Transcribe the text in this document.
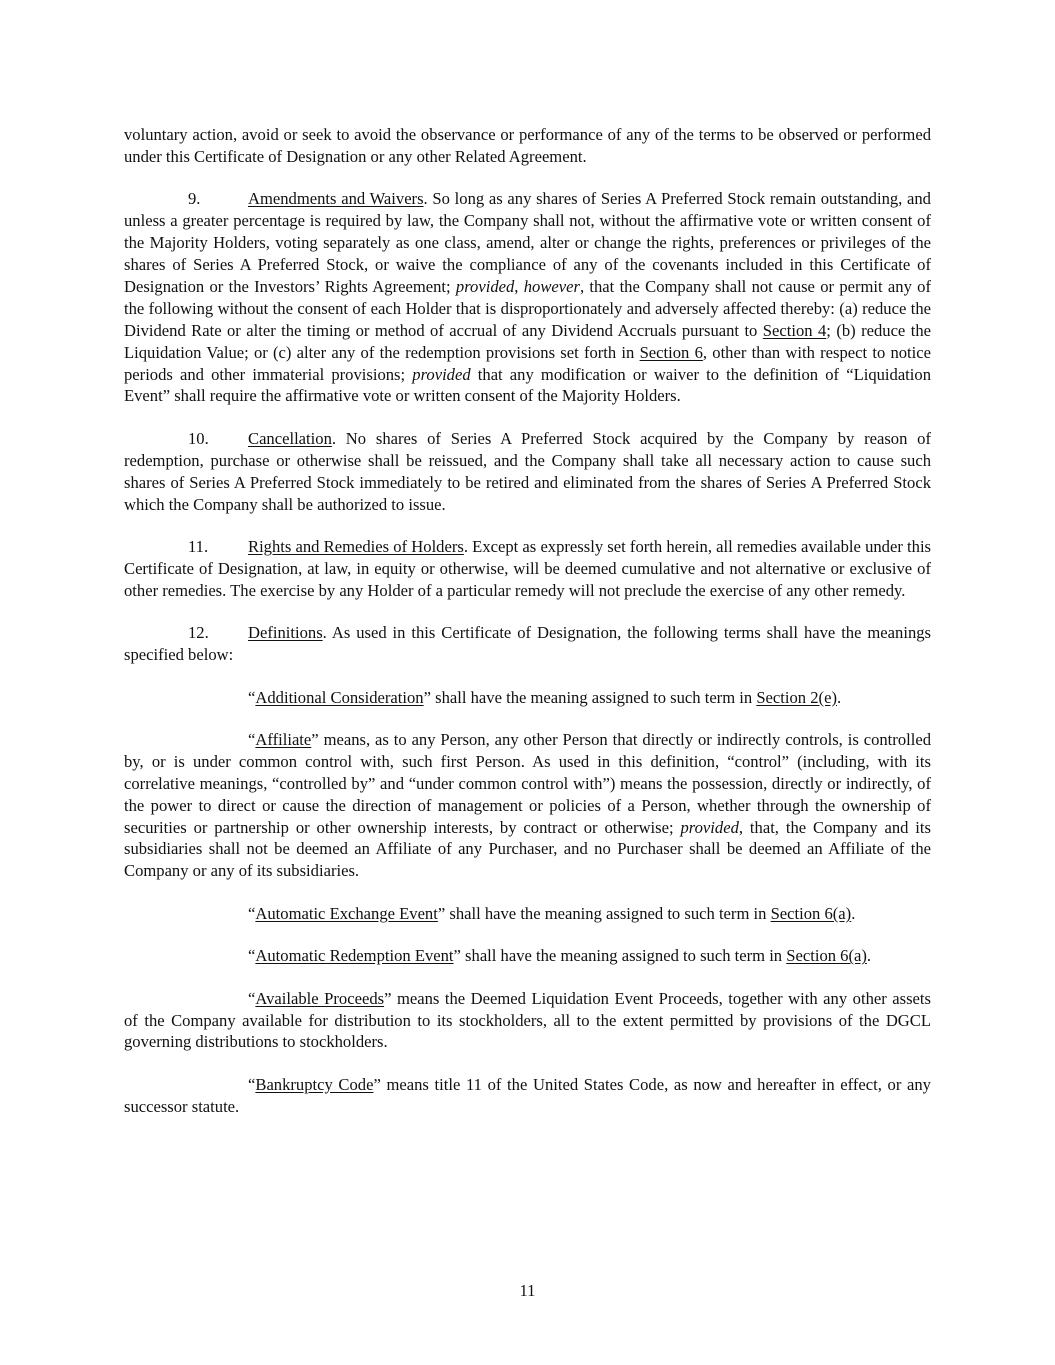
voluntary action, avoid or seek to avoid the observance or performance of any of the terms to be observed or performed under this Certificate of Designation or any other Related Agreement.

9.	Amendments and Waivers. So long as any shares of Series A Preferred Stock remain outstanding, and unless a greater percentage is required by law, the Company shall not, without the affirmative vote or written consent of the Majority Holders, voting separately as one class, amend, alter or change the rights, preferences or privileges of the shares of Series A Preferred Stock, or waive the compliance of any of the covenants included in this Certificate of Designation or the Investors’ Rights Agreement; provided, however, that the Company shall not cause or permit any of the following without the consent of each Holder that is disproportionately and adversely affected thereby: (a) reduce the Dividend Rate or alter the timing or method of accrual of any Dividend Accruals pursuant to Section 4; (b) reduce the Liquidation Value; or (c) alter any of the redemption provisions set forth in Section 6, other than with respect to notice periods and other immaterial provisions; provided that any modification or waiver to the definition of “Liquidation Event” shall require the affirmative vote or written consent of the Majority Holders.

10. Cancellation. No shares of Series A Preferred Stock acquired by the Company by reason of redemption, purchase or otherwise shall be reissued, and the Company shall take all necessary action to cause such shares of Series A Preferred Stock immediately to be retired and eliminated from the shares of Series A Preferred Stock which the Company shall be authorized to issue.

11. Rights and Remedies of Holders. Except as expressly set forth herein, all remedies available under this Certificate of Designation, at law, in equity or otherwise, will be deemed cumulative and not alternative or exclusive of other remedies. The exercise by any Holder of a particular remedy will not preclude the exercise of any other remedy.

12. Definitions. As used in this Certificate of Designation, the following terms shall have the meanings specified below:

“Additional Consideration” shall have the meaning assigned to such term in Section 2(e).

“Affiliate” means, as to any Person, any other Person that directly or indirectly controls, is controlled by, or is under common control with, such first Person. As used in this definition, “control” (including, with its correlative meanings, “controlled by” and “under common control with”) means the possession, directly or indirectly, of the power to direct or cause the direction of management or policies of a Person, whether through the ownership of securities or partnership or other ownership interests, by contract or otherwise; provided, that, the Company and its subsidiaries shall not be deemed an Affiliate of any Purchaser, and no Purchaser shall be deemed an Affiliate of the Company or any of its subsidiaries.

“Automatic Exchange Event” shall have the meaning assigned to such term in Section 6(a).

“Automatic Redemption Event” shall have the meaning assigned to such term in Section 6(a).

“Available Proceeds” means the Deemed Liquidation Event Proceeds, together with any other assets of the Company available for distribution to its stockholders, all to the extent permitted by provisions of the DGCL governing distributions to stockholders.

“Bankruptcy Code” means title 11 of the United States Code, as now and hereafter in effect, or any successor statute.

11
